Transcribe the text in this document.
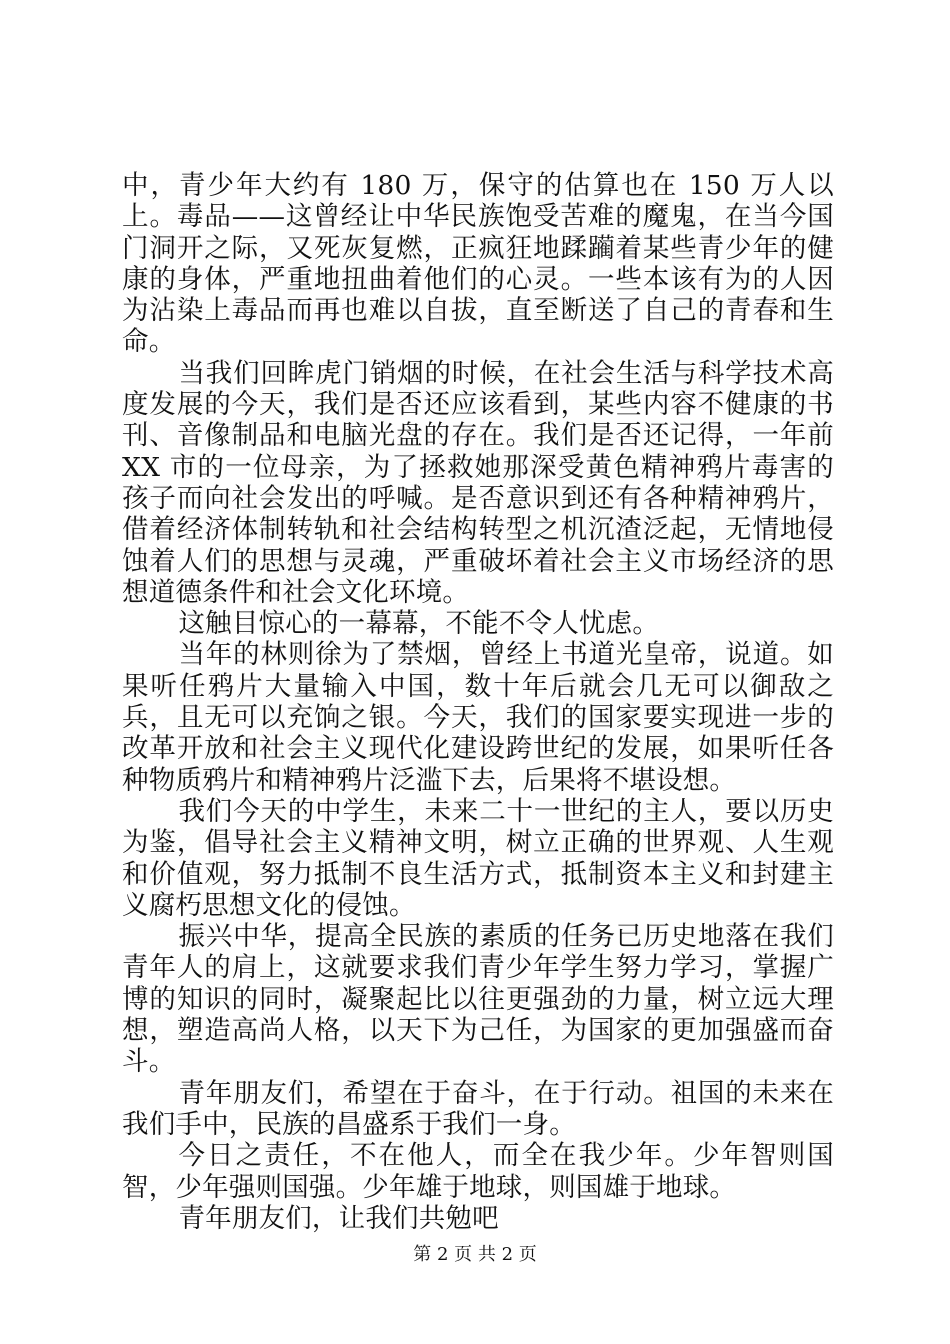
中，青少年大约有 180 万，保守的估算也在 150 万人以上。毒品——这曾经让中华民族饱受苦难的魔鬼，在当今国门洞开之际，又死灰复燃，正疯狂地蹂躏着某些青少年的健康的身体，严重地扭曲着他们的心灵。一些本该有为的人因为沾染上毒品而再也难以自拔，直至断送了自己的青春和生命。

当我们回眸虎门销烟的时候，在社会生活与科学技术高度发展的今天，我们是否还应该看到，某些内容不健康的书刊、音像制品和电脑光盘的存在。我们是否还记得，一年前 XX 市的一位母亲，为了拯救她那深受黄色精神鸦片毒害的孩子而向社会发出的呼喊。是否意识到还有各种精神鸦片，借着经济体制转轨和社会结构转型之机沉渣泛起，无情地侵蚀着人们的思想与灵魂，严重破坏着社会主义市场经济的思想道德条件和社会文化环境。

这触目惊心的一幕幕，不能不令人忧虑。

当年的林则徐为了禁烟，曾经上书道光皇帝，说道。如果听任鸦片大量输入中国，数十年后就会几无可以御敌之兵，且无可以充饷之银。今天，我们的国家要实现进一步的改革开放和社会主义现代化建设跨世纪的发展，如果听任各种物质鸦片和精神鸦片泛滥下去，后果将不堪设想。

我们今天的中学生，未来二十一世纪的主人，要以历史为鉴，倡导社会主义精神文明，树立正确的世界观、人生观和价值观，努力抵制不良生活方式，抵制资本主义和封建主义腐朽思想文化的侵蚀。

振兴中华，提高全民族的素质的任务已历史地落在我们青年人的肩上，这就要求我们青少年学生努力学习，掌握广博的知识的同时，凝聚起比以往更强劲的力量，树立远大理想，塑造高尚人格，以天下为己任，为国家的更加强盛而奋斗。

青年朋友们，希望在于奋斗，在于行动。祖国的未来在我们手中，民族的昌盛系于我们一身。

今日之责任，不在他人，而全在我少年。少年智则国智，少年强则国强。少年雄于地球，则国雄于地球。

青年朋友们，让我们共勉吧

第 2 页 共 2 页
